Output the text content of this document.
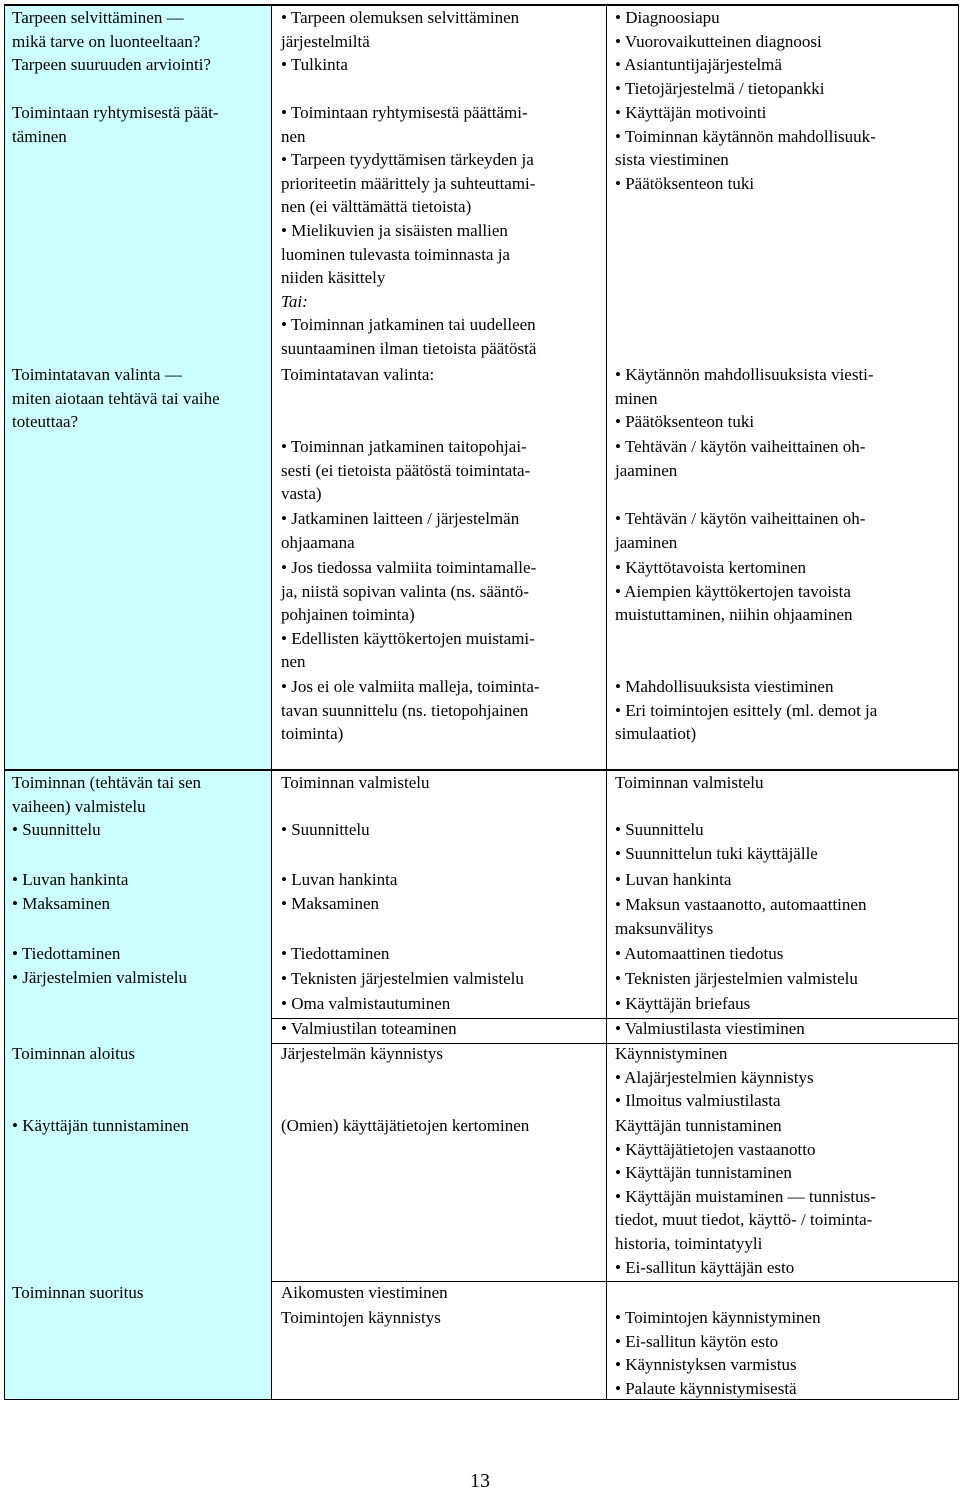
Tarpeen selvittäminen —
mikä tarve on luonteeltaan?
Tarpeen suuruuden arviointi?
Toimintaan ryhtymisestä päät-
täminen
Toimintatavan valinta —
miten aiotaan tehtävä tai vaihe
toteuttaa?
Toiminnan (tehtävän tai sen
vaiheen) valmistelu
• Suunnittelu
• Luvan hankinta
• Maksaminen
• Tiedottaminen
• Järjestelmien valmistelu
Toiminnan aloitus
• Käyttäjän tunnistaminen
Toiminnan suoritus
• Tarpeen olemuksen selvittäminen
järjestelmiltä
• Tulkinta
• Toimintaan ryhtymisestä päättämi-
nen
• Tarpeen tyydyttämisen tärkeyden ja
prioriteetin määrittely ja suhteuttami-
nen (ei välttämättä tietoista)
• Mielikuvien ja sisäisten mallien
luominen tulevasta toiminnasta ja
niiden käsittely
Tai:
• Toiminnan jatkaminen tai uudelleen
suuntaaminen ilman tietoista päätöstä
Toimintatavan valinta:
• Toiminnan jatkaminen taitopohjai-
sesti (ei tietoista päätöstä toimintata-
vasta)
• Jatkaminen laitteen / järjestelmän
ohjaamana
• Jos tiedossa valmiita toimintamalle-
ja, niistä sopivan valinta (ns. sääntö-
pohjainen toiminta)
• Edellisten käyttökertojen muistami-
nen
• Jos ei ole valmiita malleja, toiminta-
tavan suunnittelu (ns. tietopohjainen
toiminta)
Toiminnan valmistelu
• Suunnittelu
• Luvan hankinta
• Maksaminen
• Tiedottaminen
• Teknisten järjestelmien valmistelu
• Oma valmistautuminen
• Valmiustilan toteaminen
Järjestelmän käynnistys
(Omien) käyttäjätietojen kertominen
Aikomusten viestiminen
Toimintojen käynnistys
• Diagnoosiapu
• Vuorovaikutteinen diagnoosi
• Asiantuntijajärjestelmä
• Tietojärjestelmä / tietopankki
• Käyttäjän motivointi
• Toiminnan käytännön mahdollisuuk-
sista viestiminen
• Päätöksenteon tuki
• Käytännön mahdollisuuksista viesti-
minen
• Päätöksenteon tuki
• Tehtävän / käytön vaiheittainen oh-
jaaminen
• Tehtävän / käytön vaiheittainen oh-
jaaminen
• Käyttötavoista kertominen
• Aiempien käyttökertojen tavoista
muistuttaminen, niihin ohjaaminen
• Mahdollisuuksista viestiminen
• Eri toimintojen esittely (ml. demot ja
simulaatiot)
Toiminnan valmistelu
• Suunnittelu
• Suunnittelun tuki käyttäjälle
• Luvan hankinta
• Maksun vastaanotto, automaattinen
maksunvälitys
• Automaattinen tiedotus
• Teknisten järjestelmien valmistelu
• Käyttäjän briefaus
• Valmiustilasta viestiminen
Käynnistyminen
• Alajärjestelmien käynnistys
• Ilmoitus valmiustilasta
Käyttäjän tunnistaminen
• Käyttäjätietojen vastaanotto
• Käyttäjän tunnistaminen
• Käyttäjän muistaminen — tunnistus-
tiedot, muut tiedot, käyttö- / toiminta-
historia, toimintatyyli
• Ei-sallitun käyttäjän esto
• Toimintojen käynnistyminen
• Ei-sallitun käytön esto
• Käynnistyksen varmistus
• Palaute käynnistymisestä
13
